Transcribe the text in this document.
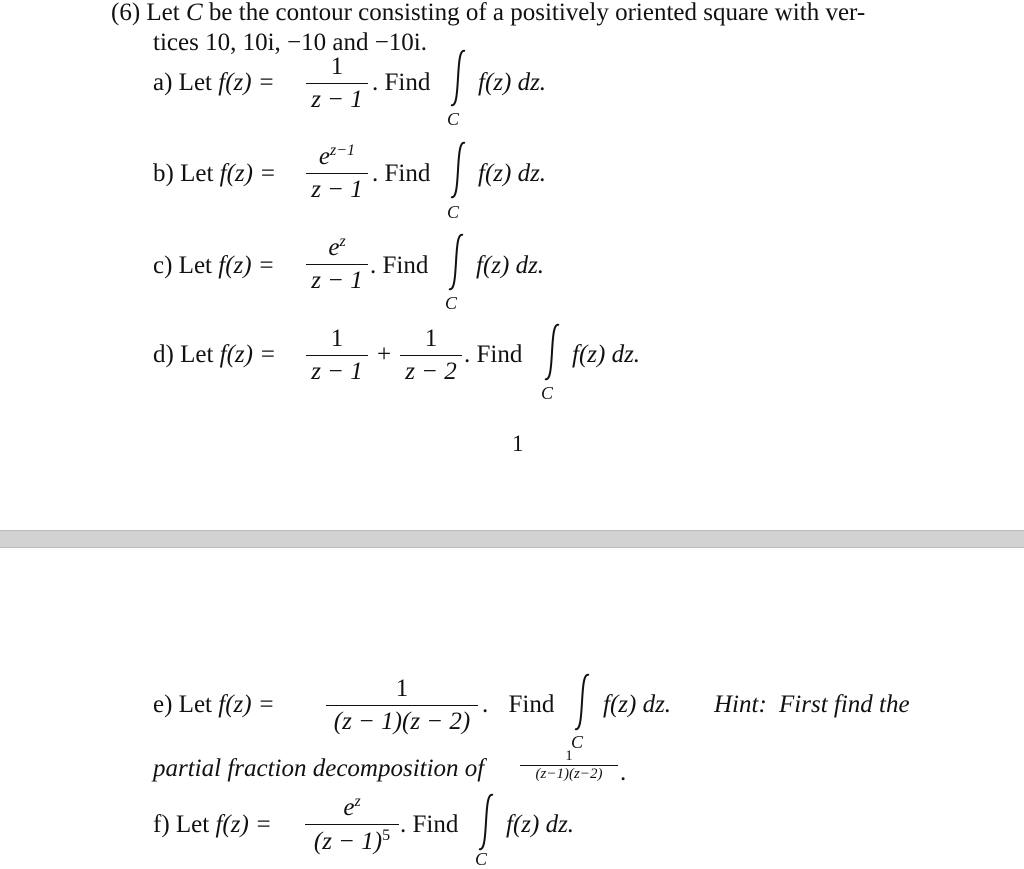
(6) Let C be the contour consisting of a positively oriented square with ver-
tices 10, 10i, −10 and −10i.
a) Let f(z) =
1
z − 1
. Find
C
f(z) dz.
b) Let f(z) =
$e^{z-1}$
z − 1
. Find
C
f(z) dz.
c) Let f(z) =
$e^z$
z − 1
. Find
C
f(z) dz.
d) Let f(z) =
1
z − 1
+
1
z − 2
. Find
C
f(z) dz.
1
e) Let f(z) =
1
(z − 1)(z − 2)
. Find
C
f(z) dz. Hint: First find the
partial fraction decomposition of	1
(z−1)(z−2) .
f) Let f(z) =
$e^z$
$(z - 1)^5$ . Find
C
f(z) dz.
